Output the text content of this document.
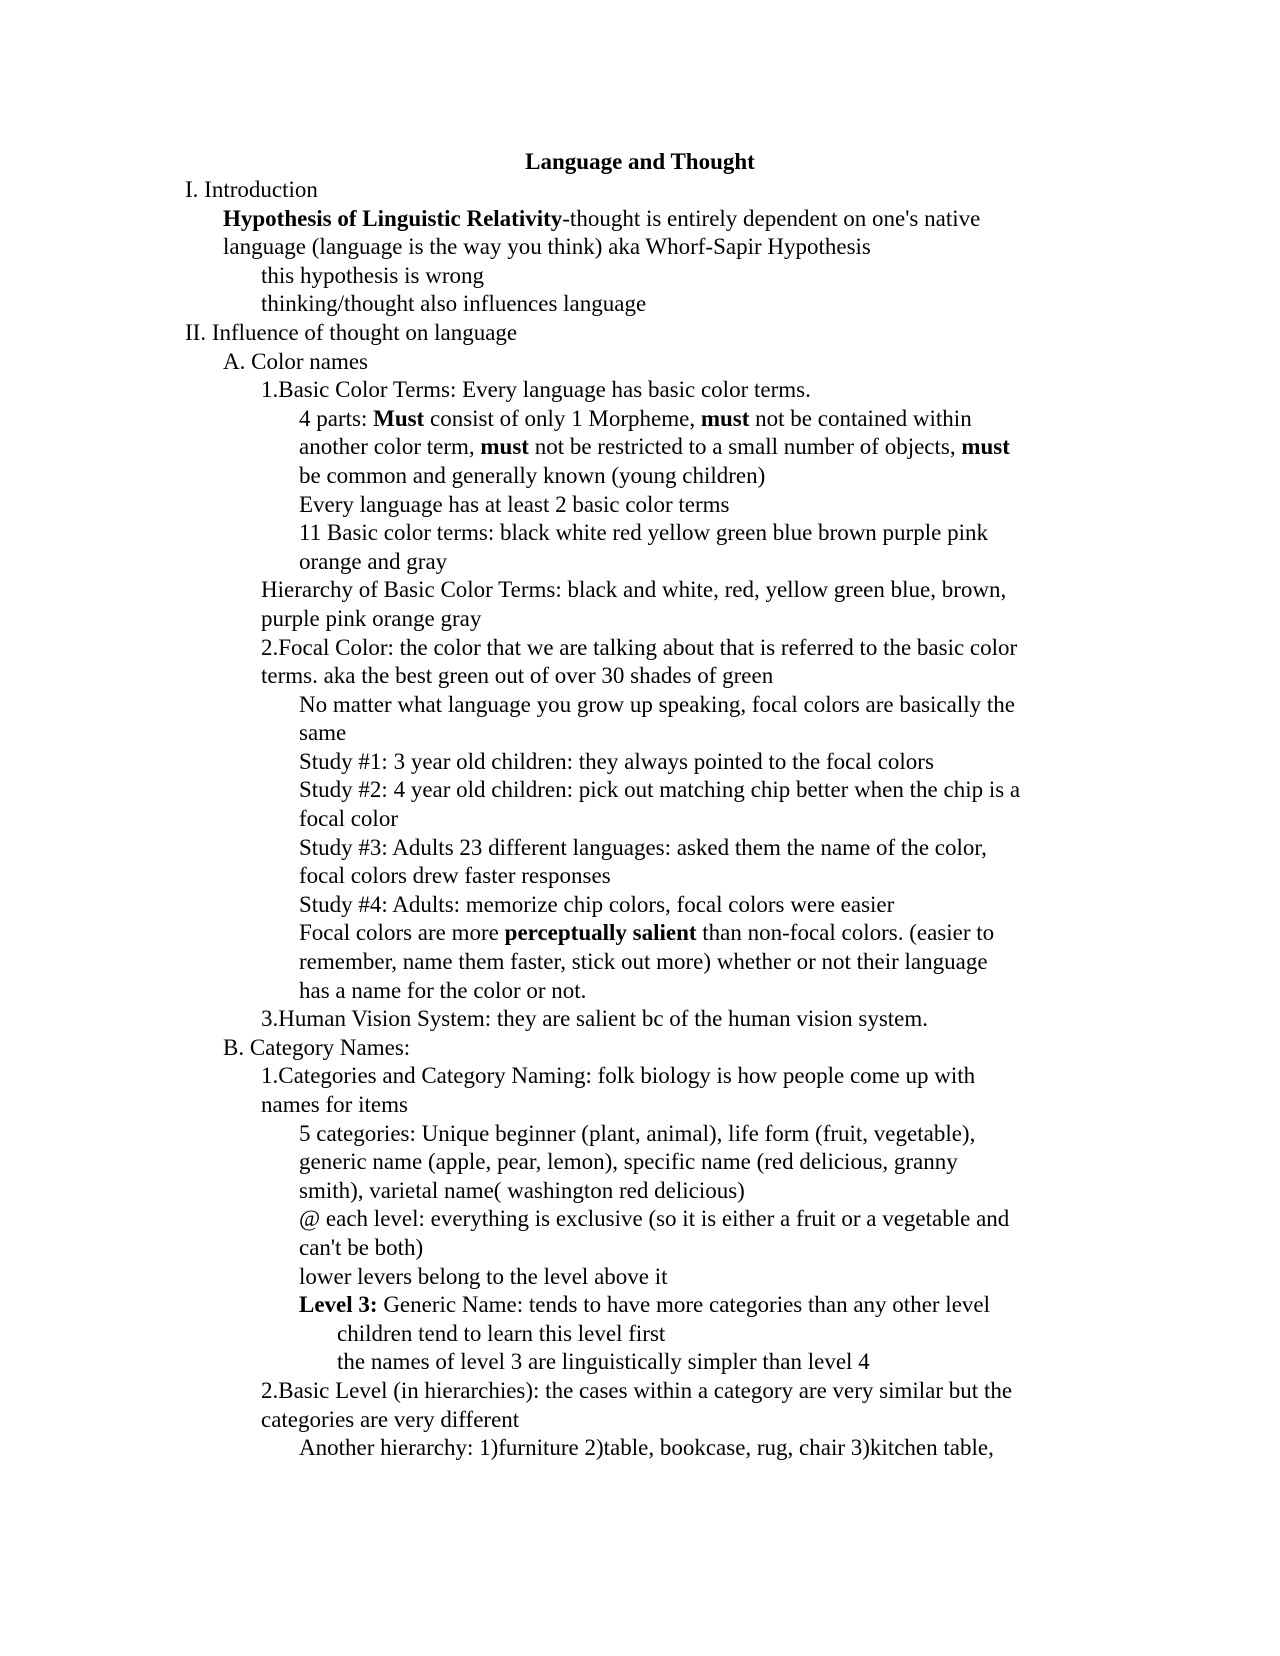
Language and Thought
I. Introduction
Hypothesis of Linguistic Relativity-thought is entirely dependent on one's native
language (language is the way you think) aka Whorf-Sapir Hypothesis
this hypothesis is wrong
thinking/thought also influences language
II. Influence of thought on language
A. Color names
1.Basic Color Terms: Every language has basic color terms.
4 parts: Must consist of only 1 Morpheme, must not be contained within
another color term, must not be restricted to a small number of objects, must
be common and generally known (young children)
Every language has at least 2 basic color terms
11 Basic color terms: black white red yellow green blue brown purple pink
orange and gray
Hierarchy of Basic Color Terms: black and white, red, yellow green blue, brown,
purple pink orange gray
2.Focal Color: the color that we are talking about that is referred to the basic color
terms. aka the best green out of over 30 shades of green
No matter what language you grow up speaking, focal colors are basically the
same
Study #1: 3 year old children: they always pointed to the focal colors
Study #2: 4 year old children: pick out matching chip better when the chip is a
focal color
Study #3: Adults 23 different languages: asked them the name of the color,
focal colors drew faster responses
Study #4: Adults: memorize chip colors, focal colors were easier
Focal colors are more perceptually salient than non-focal colors. (easier to
remember, name them faster, stick out more) whether or not their language
has a name for the color or not.
3.Human Vision System: they are salient bc of the human vision system.
B. Category Names:
1.Categories and Category Naming: folk biology is how people come up with
names for items
5 categories: Unique beginner (plant, animal), life form (fruit, vegetable),
generic name (apple, pear, lemon), specific name (red delicious, granny
smith), varietal name( washington red delicious)
@ each level: everything is exclusive (so it is either a fruit or a vegetable and
can't be both)
lower levers belong to the level above it
Level 3: Generic Name: tends to have more categories than any other level
children tend to learn this level first
the names of level 3 are linguistically simpler than level 4
2.Basic Level (in hierarchies): the cases within a category are very similar but the
categories are very different
Another hierarchy: 1)furniture 2)table, bookcase, rug, chair 3)kitchen table,
